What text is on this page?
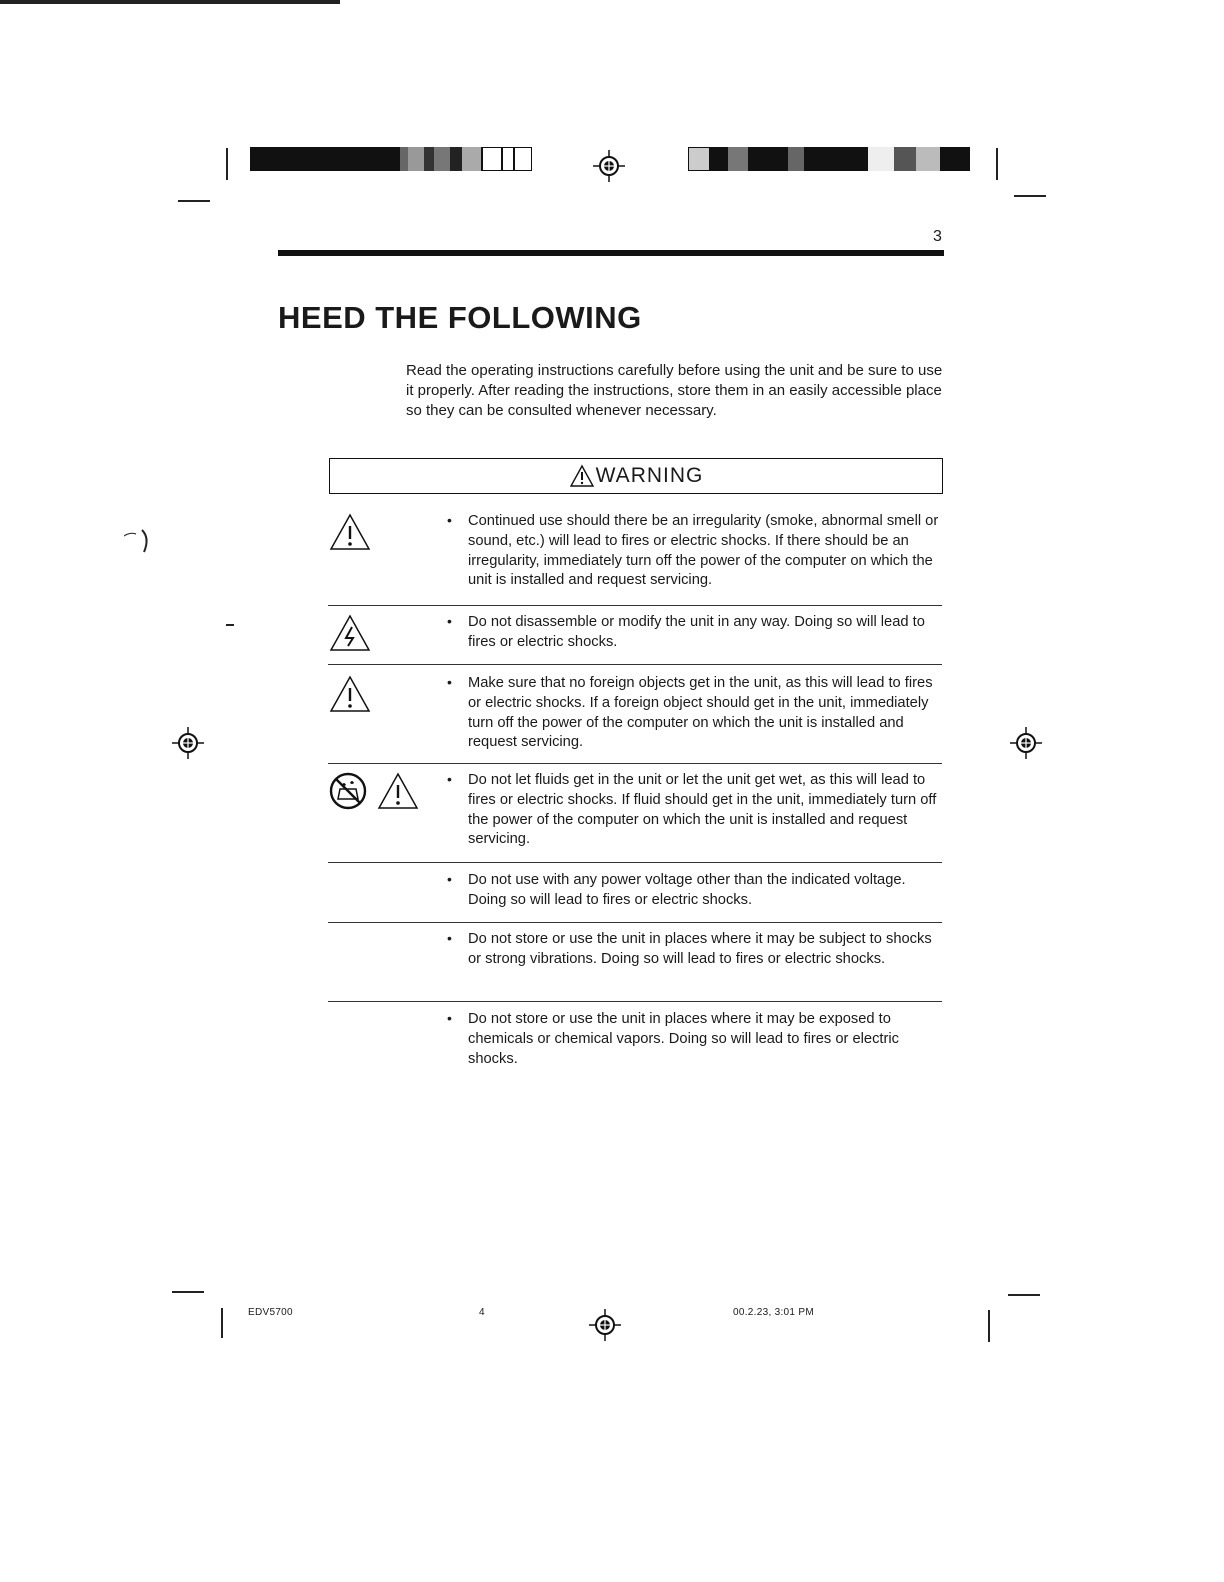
3
HEED THE FOLLOWING

Read the operating instructions carefully before using the unit and be sure to use it properly. After reading the instructions, store them in an easily accessible place so they can be consulted whenever necessary.

WARNING
• Continued use should there be an irregularity (smoke, abnormal smell or sound, etc.) will lead to fires or electric shocks. If there should be an irregularity, immediately turn off the power of the computer on which the unit is installed and request servicing.

• Do not disassemble or modify the unit in any way. Doing so will lead to fires or electric shocks.

• Make sure that no foreign objects get in the unit, as this will lead to fires or electric shocks. If a foreign object should get in the unit, immediately turn off the power of the computer on which the unit is installed and request servicing.

• Do not let fluids get in the unit or let the unit get wet, as this will lead to fires or electric shocks. If fluid should get in the unit, immediately turn off the power of the computer on which the unit is installed and request servicing.

• Do not use with any power voltage other than the indicated voltage. Doing so will lead to fires or electric shocks.

• Do not store or use the unit in places where it may be subject to shocks or strong vibrations. Doing so will lead to fires or electric shocks.

• Do not store or use the unit in places where it may be exposed to chemicals or chemical vapors. Doing so will lead to fires or electric shocks.

EDV5700	4	00.2.23, 3:01 PM
